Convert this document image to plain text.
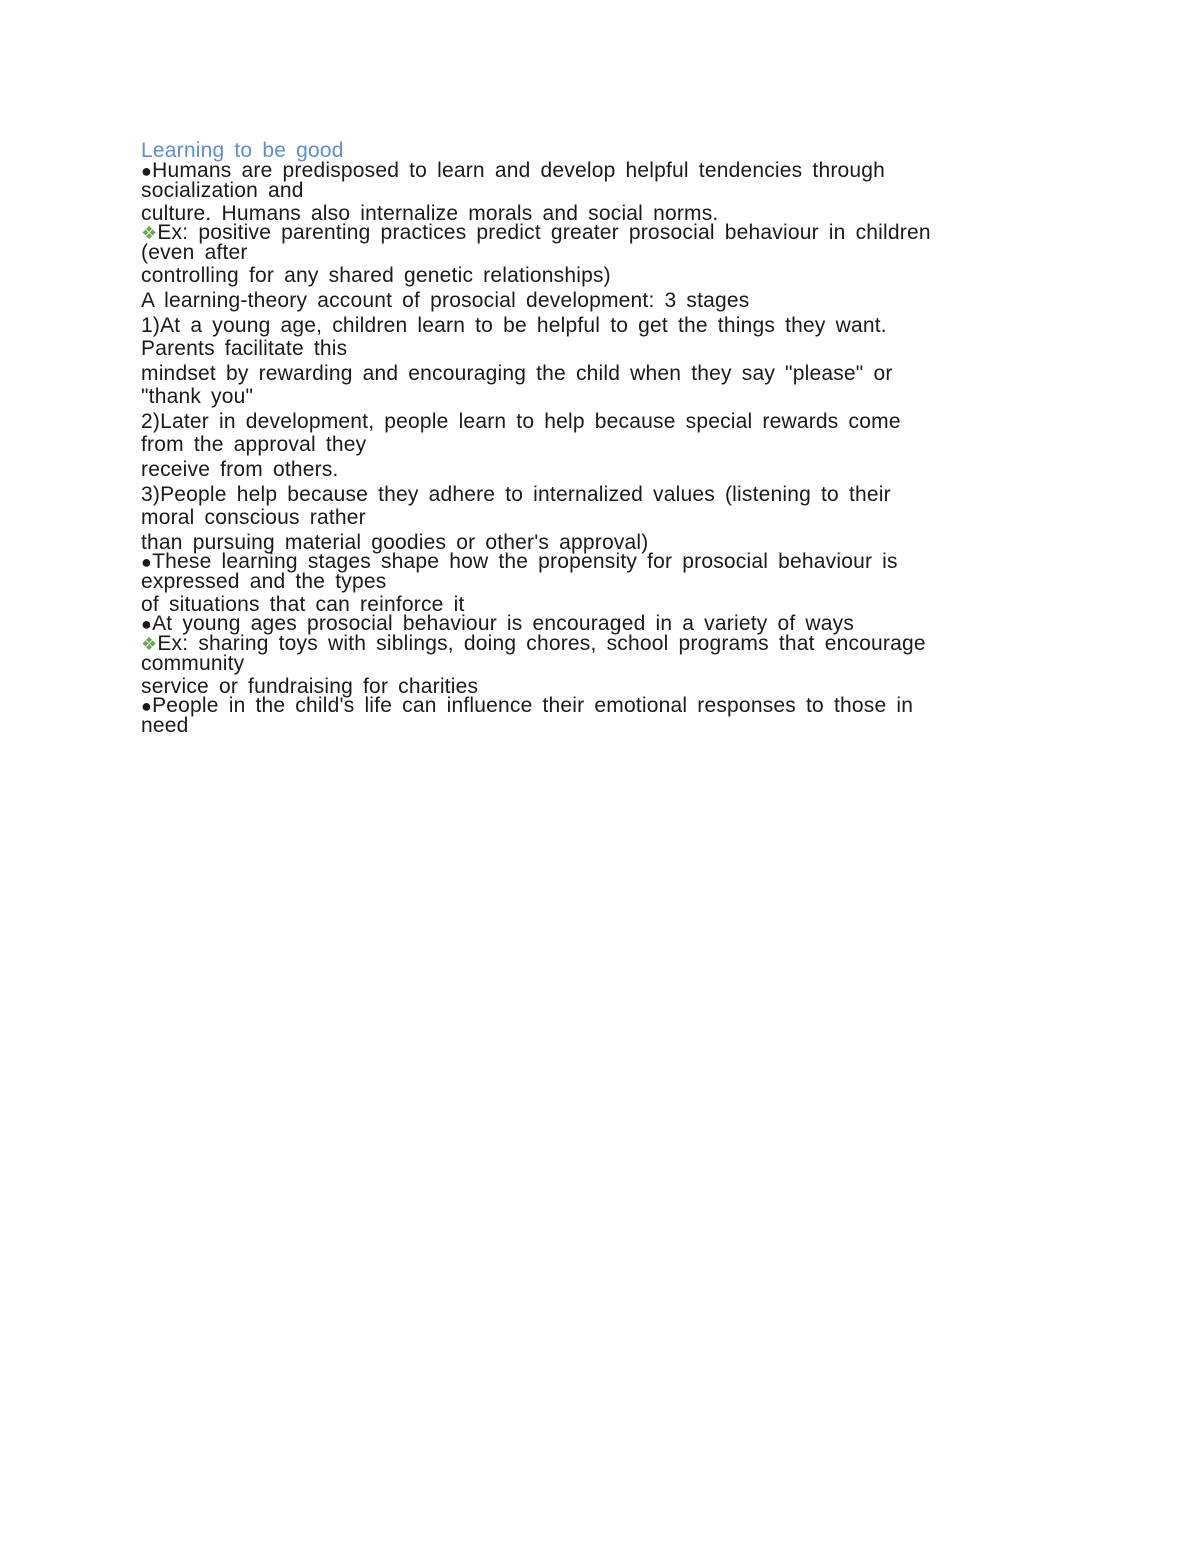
Learning to be good
●Humans are predisposed to learn and develop helpful tendencies through
socialization and
culture. Humans also internalize morals and social norms.
❖Ex: positive parenting practices predict greater prosocial behaviour in children
(even after
controlling for any shared genetic relationships)
A learning-theory account of prosocial development: 3 stages
1)At a young age, children learn to be helpful to get the things they want.
Parents facilitate this
mindset by rewarding and encouraging the child when they say "please" or
"thank you"
2)Later in development, people learn to help because special rewards come
from the approval they
receive from others.
3)People help because they adhere to internalized values (listening to their
moral conscious rather
than pursuing material goodies or other's approval)
●These learning stages shape how the propensity for prosocial behaviour is
expressed and the types
of situations that can reinforce it
●At young ages prosocial behaviour is encouraged in a variety of ways
❖Ex: sharing toys with siblings, doing chores, school programs that encourage
community
service or fundraising for charities
●People in the child's life can influence their emotional responses to those in
need
